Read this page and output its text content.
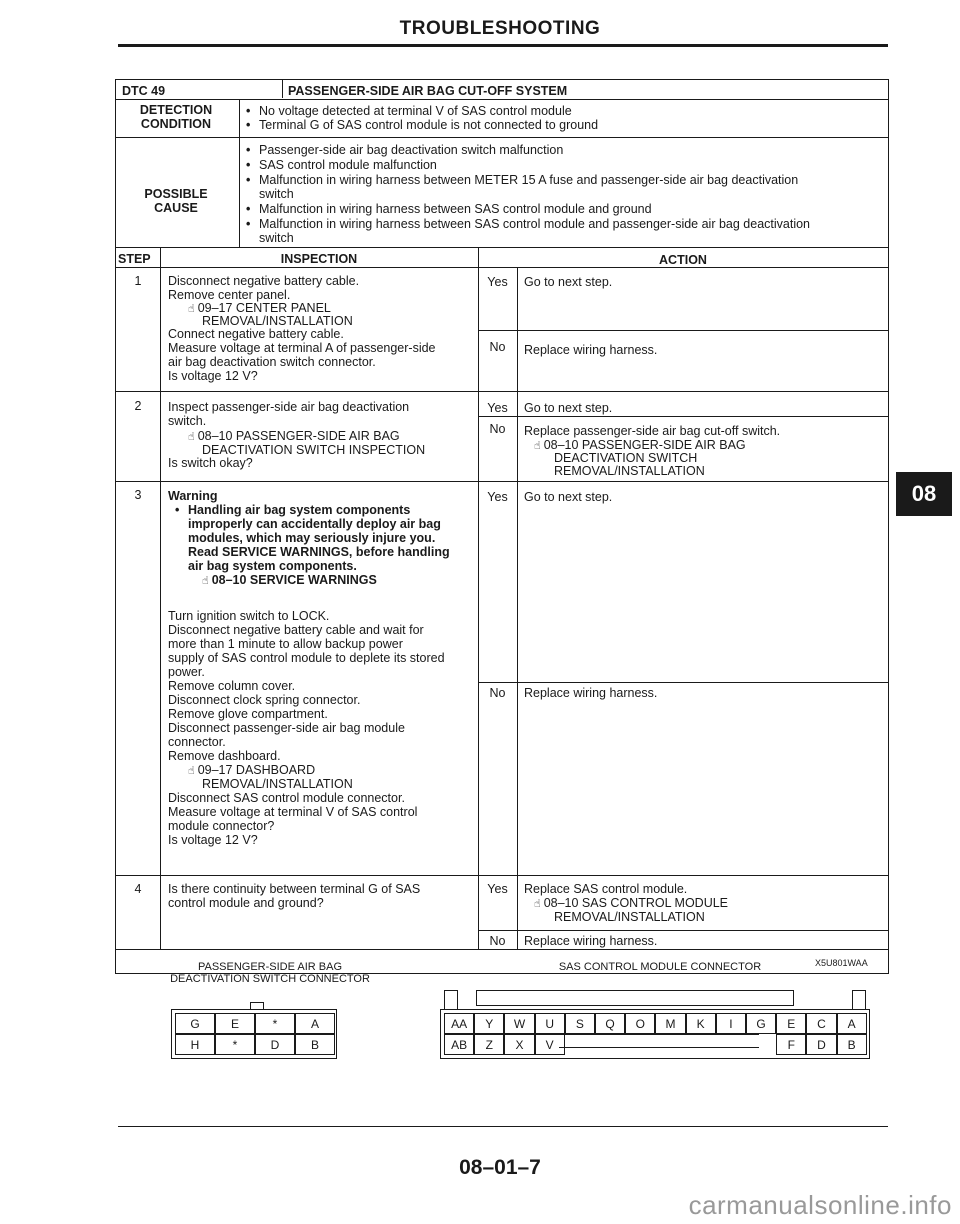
TROUBLESHOOTING
08
DTC 49	PASSENGER-SIDE AIR BAG CUT-OFF SYSTEM
DETECTION
CONDITION
• No voltage detected at terminal V of SAS control module
• Terminal G of SAS control module is not connected to ground
POSSIBLE
CAUSE
• Passenger-side air bag deactivation switch malfunction
• SAS control module malfunction
• Malfunction in wiring harness between METER 15 A fuse and passenger-side air bag deactivation
switch
• Malfunction in wiring harness between SAS control module and ground
• Malfunction in wiring harness between SAS control module and passenger-side air bag deactivation
switch
STEP	INSPECTION	ACTION
1	Disconnect negative battery cable.
Remove center panel.
☝ 09–17 CENTER PANEL
REMOVAL/INSTALLATION
Connect negative battery cable.
Measure voltage at terminal A of passenger-side
air bag deactivation switch connector.
Is voltage 12 V?
Yes	Go to next step.
No	Replace wiring harness.
2	Inspect passenger-side air bag deactivation
switch.
☝ 08–10 PASSENGER-SIDE AIR BAG
DEACTIVATION SWITCH INSPECTION
Is switch okay?
Yes	Go to next step.
No	Replace passenger-side air bag cut-off switch.
☝ 08–10 PASSENGER-SIDE AIR BAG
DEACTIVATION SWITCH
REMOVAL/INSTALLATION
3	Warning
• Handling air bag system components
improperly can accidentally deploy air bag
modules, which may seriously injure you.
Read SERVICE WARNINGS, before handling
air bag system components.
☝ 08–10 SERVICE WARNINGS
Turn ignition switch to LOCK.
Disconnect negative battery cable and wait for
more than 1 minute to allow backup power
supply of SAS control module to deplete its stored
power.
Remove column cover.
Disconnect clock spring connector.
Remove glove compartment.
Disconnect passenger-side air bag module
connector.
Remove dashboard.
☝ 09–17 DASHBOARD
REMOVAL/INSTALLATION
Disconnect SAS control module connector.
Measure voltage at terminal V of SAS control
module connector?
Is voltage 12 V?
Yes	Go to next step.
No	Replace wiring harness.
4	Is there continuity between terminal G of SAS
control module and ground?
Yes	Replace SAS control module.
☝ 08–10 SAS CONTROL MODULE
REMOVAL/INSTALLATION
No	Replace wiring harness.
PASSENGER-SIDE AIR BAG
DEACTIVATION SWITCH CONNECTOR
SAS CONTROL MODULE CONNECTOR
G	E	*	A
H	*	D	B
AA	Y	W	U	S	Q	O	M	K	I	G	E	C	A
AB	Z	X	V	F	D	B
X5U801WAA
08–01–7
carmanualsonline.info
